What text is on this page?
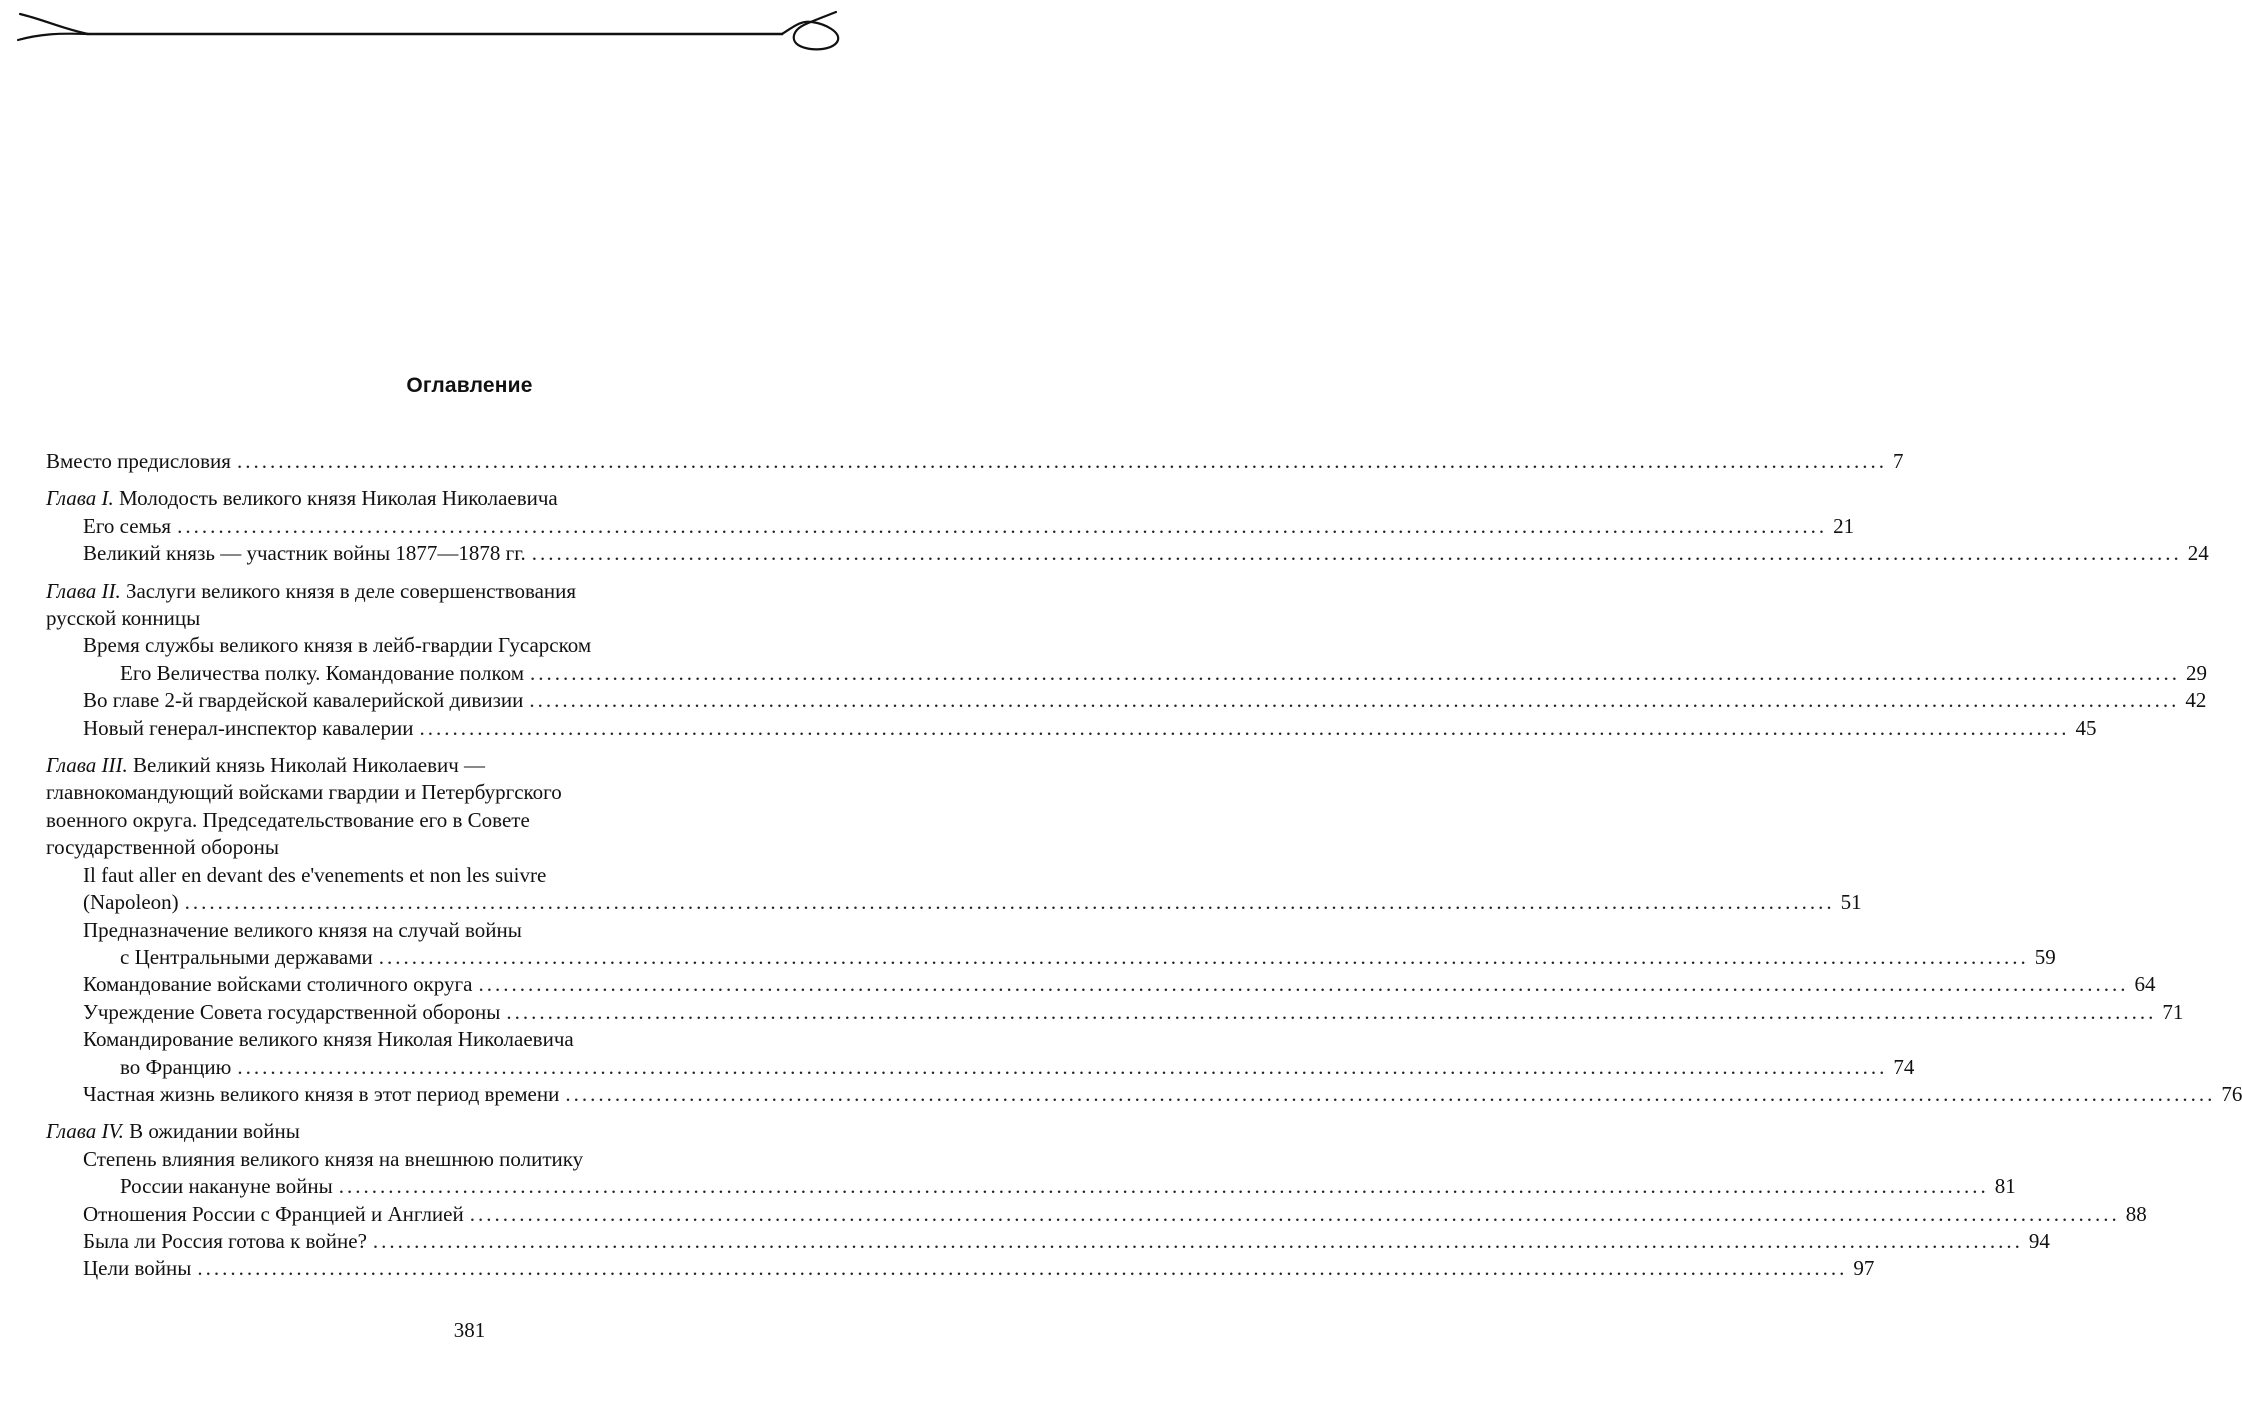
Оглавление
Вместо предисловия ........................................................................................................................................................................................................ 7
Глава I. Молодость великого князя Николая Николаевича
Его семья ........................................................................................................................................................................................................ 21
Великий князь — участник войны 1877—1878 гг. ........................................................................................................................................................................................................ 24
Глава II. Заслуги великого князя в деле совершенствования
русской конницы
Время службы великого князя в лейб-гвардии Гусарском
Его Величества полку. Командование полком ........................................................................................................................................................................................................ 29
Во главе 2-й гвардейской кавалерийской дивизии ........................................................................................................................................................................................................ 42
Новый генерал-инспектор кавалерии ........................................................................................................................................................................................................ 45
Глава III. Великий князь Николай Николаевич —
главнокомандующий войсками гвардии и Петербургского
военного округа. Председательствование его в Совете
государственной обороны
Il faut aller en devant des e'venements et non les suivre
(Napoleon) ........................................................................................................................................................................................................ 51
Предназначение великого князя на случай войны
с Центральными державами ........................................................................................................................................................................................................ 59
Командование войсками столичного округа ........................................................................................................................................................................................................ 64
Учреждение Совета государственной обороны ........................................................................................................................................................................................................ 71
Командирование великого князя Николая Николаевича
во Францию ........................................................................................................................................................................................................ 74
Частная жизнь великого князя в этот период времени ........................................................................................................................................................................................................ 76
Глава IV. В ожидании войны
Степень влияния великого князя на внешнюю политику
России накануне войны ........................................................................................................................................................................................................ 81
Отношения России с Францией и Англией ........................................................................................................................................................................................................ 88
Была ли Россия готова к войне? ........................................................................................................................................................................................................ 94
Цели войны ........................................................................................................................................................................................................ 97
381
